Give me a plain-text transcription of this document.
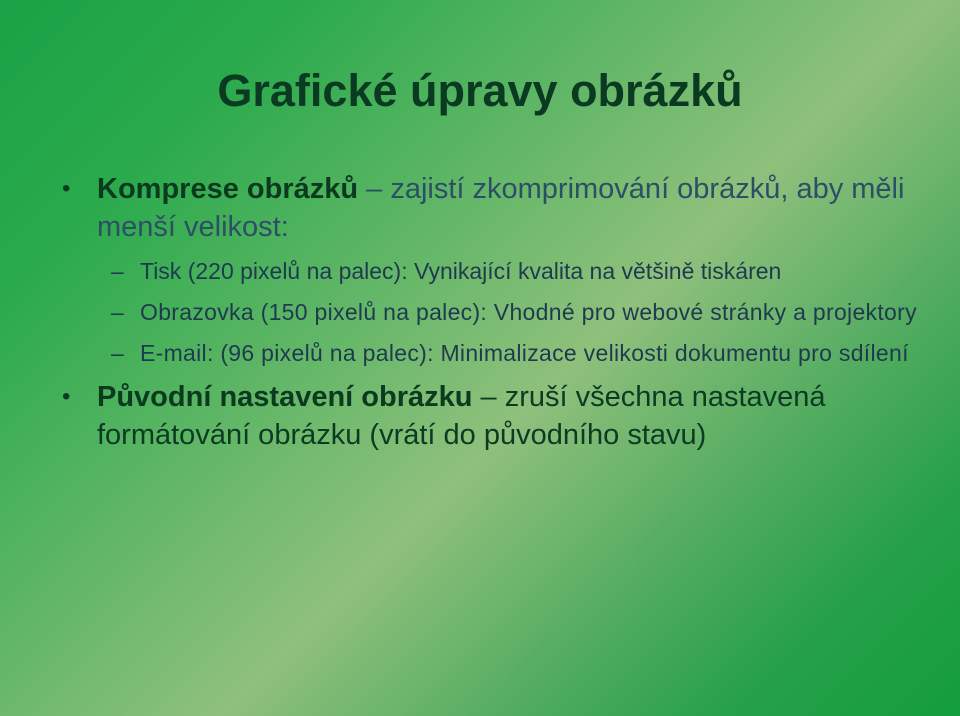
Grafické úpravy obrázků
• Komprese obrázků – zajistí zkomprimování obrázků, aby měli menší velikost:
– Tisk (220 pixelů na palec): Vynikající kvalita na většině tiskáren
– Obrazovka (150 pixelů na palec): Vhodné pro webové stránky a projektory
– E-mail: (96 pixelů na palec): Minimalizace velikosti dokumentu pro sdílení
• Původní nastavení obrázku – zruší všechna nastavená formátování obrázku (vrátí do původního stavu)
